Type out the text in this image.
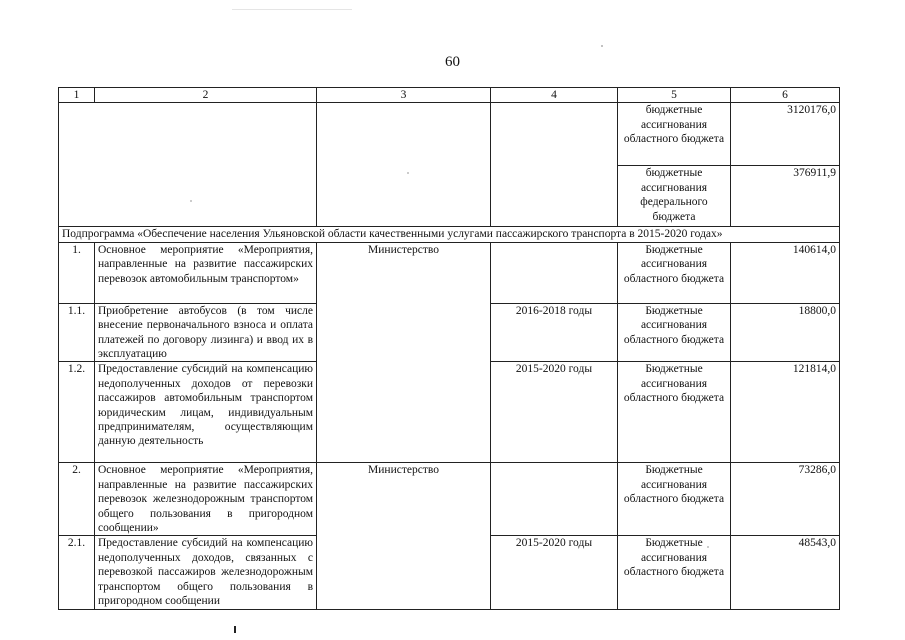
60
1	2	3	4	5	6
				бюджетные ассигнования областного бюджета	3120176,0
				бюджетные ассигнования федерального бюджета	376911,9
Подпрограмма «Обеспечение населения Ульяновской области качественными услугами пассажирского транспорта в 2015-2020 годах»					
1.	Основное мероприятие «Мероприятия, направленные на развитие пассажирских перевозок автомобильным транспортом»	Министерство		Бюджетные ассигнования областного бюджета	140614,0
1.1.	Приобретение автобусов (в том числе внесение первоначального взноса и оплата платежей по договору лизинга) и ввод их в эксплуатацию		2016-2018 годы	Бюджетные ассигнования областного бюджета	18800,0
1.2.	Предоставление субсидий на компенсацию недополученных доходов от перевозки пассажиров автомобильным транспортом юридическим лицам, индивидуальным предпринимателям, осуществляющим данную деятельность		2015-2020 годы	Бюджетные ассигнования областного бюджета	121814,0
2.	Основное мероприятие «Мероприятия, направленные на развитие пассажирских перевозок железнодорожным транспортом общего пользования в пригородном сообщении»	Министерство		Бюджетные ассигнования областного бюджета	73286,0
2.1.	Предоставление субсидий на компенсацию недополученных доходов, связанных с перевозкой пассажиров железнодорожным транспортом общего пользования в пригородном сообщении		2015-2020 годы	Бюджетные ассигнования областного бюджета	48543,0
